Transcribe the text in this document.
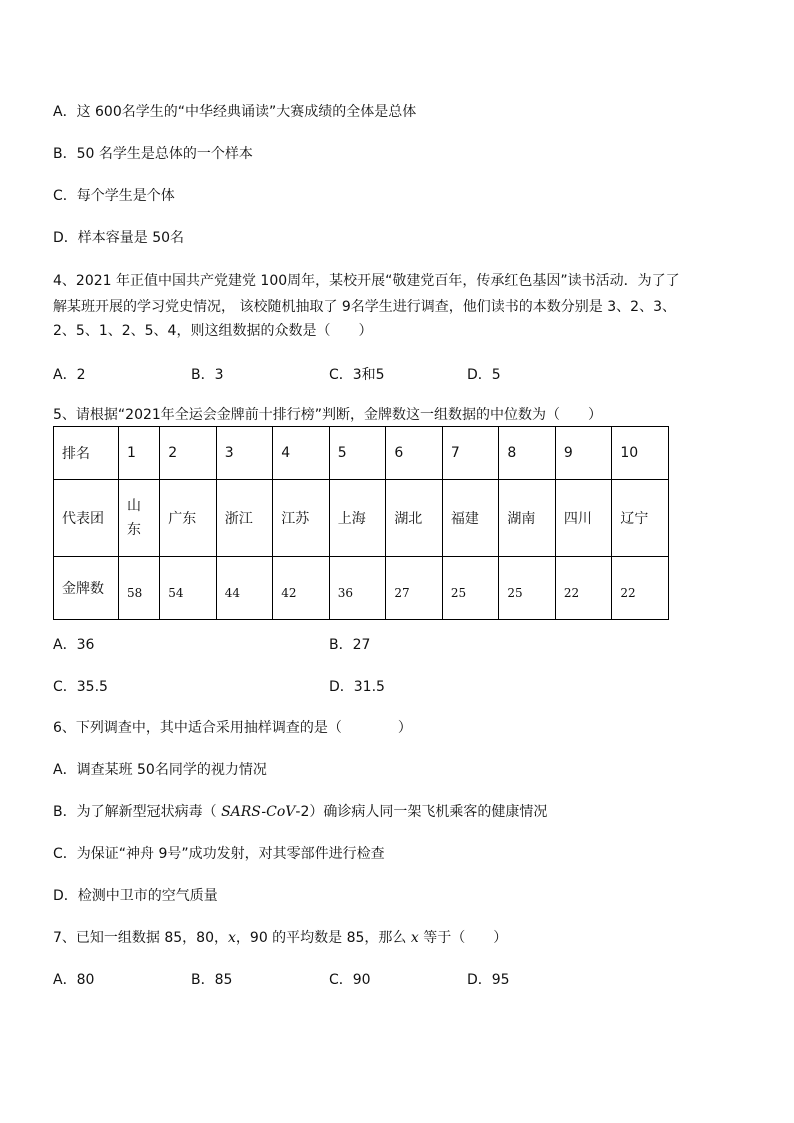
A．这 600名学生的“中华经典诵读”大赛成绩的全体是总体
B．50 名学生是总体的一个样本
C．每个学生是个体
D．样本容量是 50名
4、2021 年正值中国共产党建党 100周年，某校开展“敬建党百年，传承红色基因”读书活动．为了了
解某班开展的学习党史情况， 该校随机抽取了 9名学生进行调查，他们读书的本数分别是 3、2、3、
2、5、1、2、5、4，则这组数据的众数是（　　）
A．2	B．3	C．3和5	D．5
5、请根据“2021年全运会金牌前十排行榜”判断，金牌数这一组数据的中位数为（　　）
排名	1	2	3	4	5	6	7	8	9	10
代表团	山东	广东	浙江	江苏	上海	湖北	福建	湖南	四川	辽宁
金牌数	58	54	44	42	36	27	25	25	22	22
A．36	B．27
C．35.5	D．31.5
6、下列调查中，其中适合采用抽样调查的是（　　　　）
A．调查某班 50名同学的视力情况
B．为了解新型冠状病毒（ SARS-CoV-2）确诊病人同一架飞机乘客的健康情况
C．为保证“神舟 9号”成功发射，对其零部件进行检查
D．检测中卫市的空气质量
7、已知一组数据 85，80，x，90 的平均数是 85，那么 x 等于（　　）
A．80	B．85	C．90	D．95
